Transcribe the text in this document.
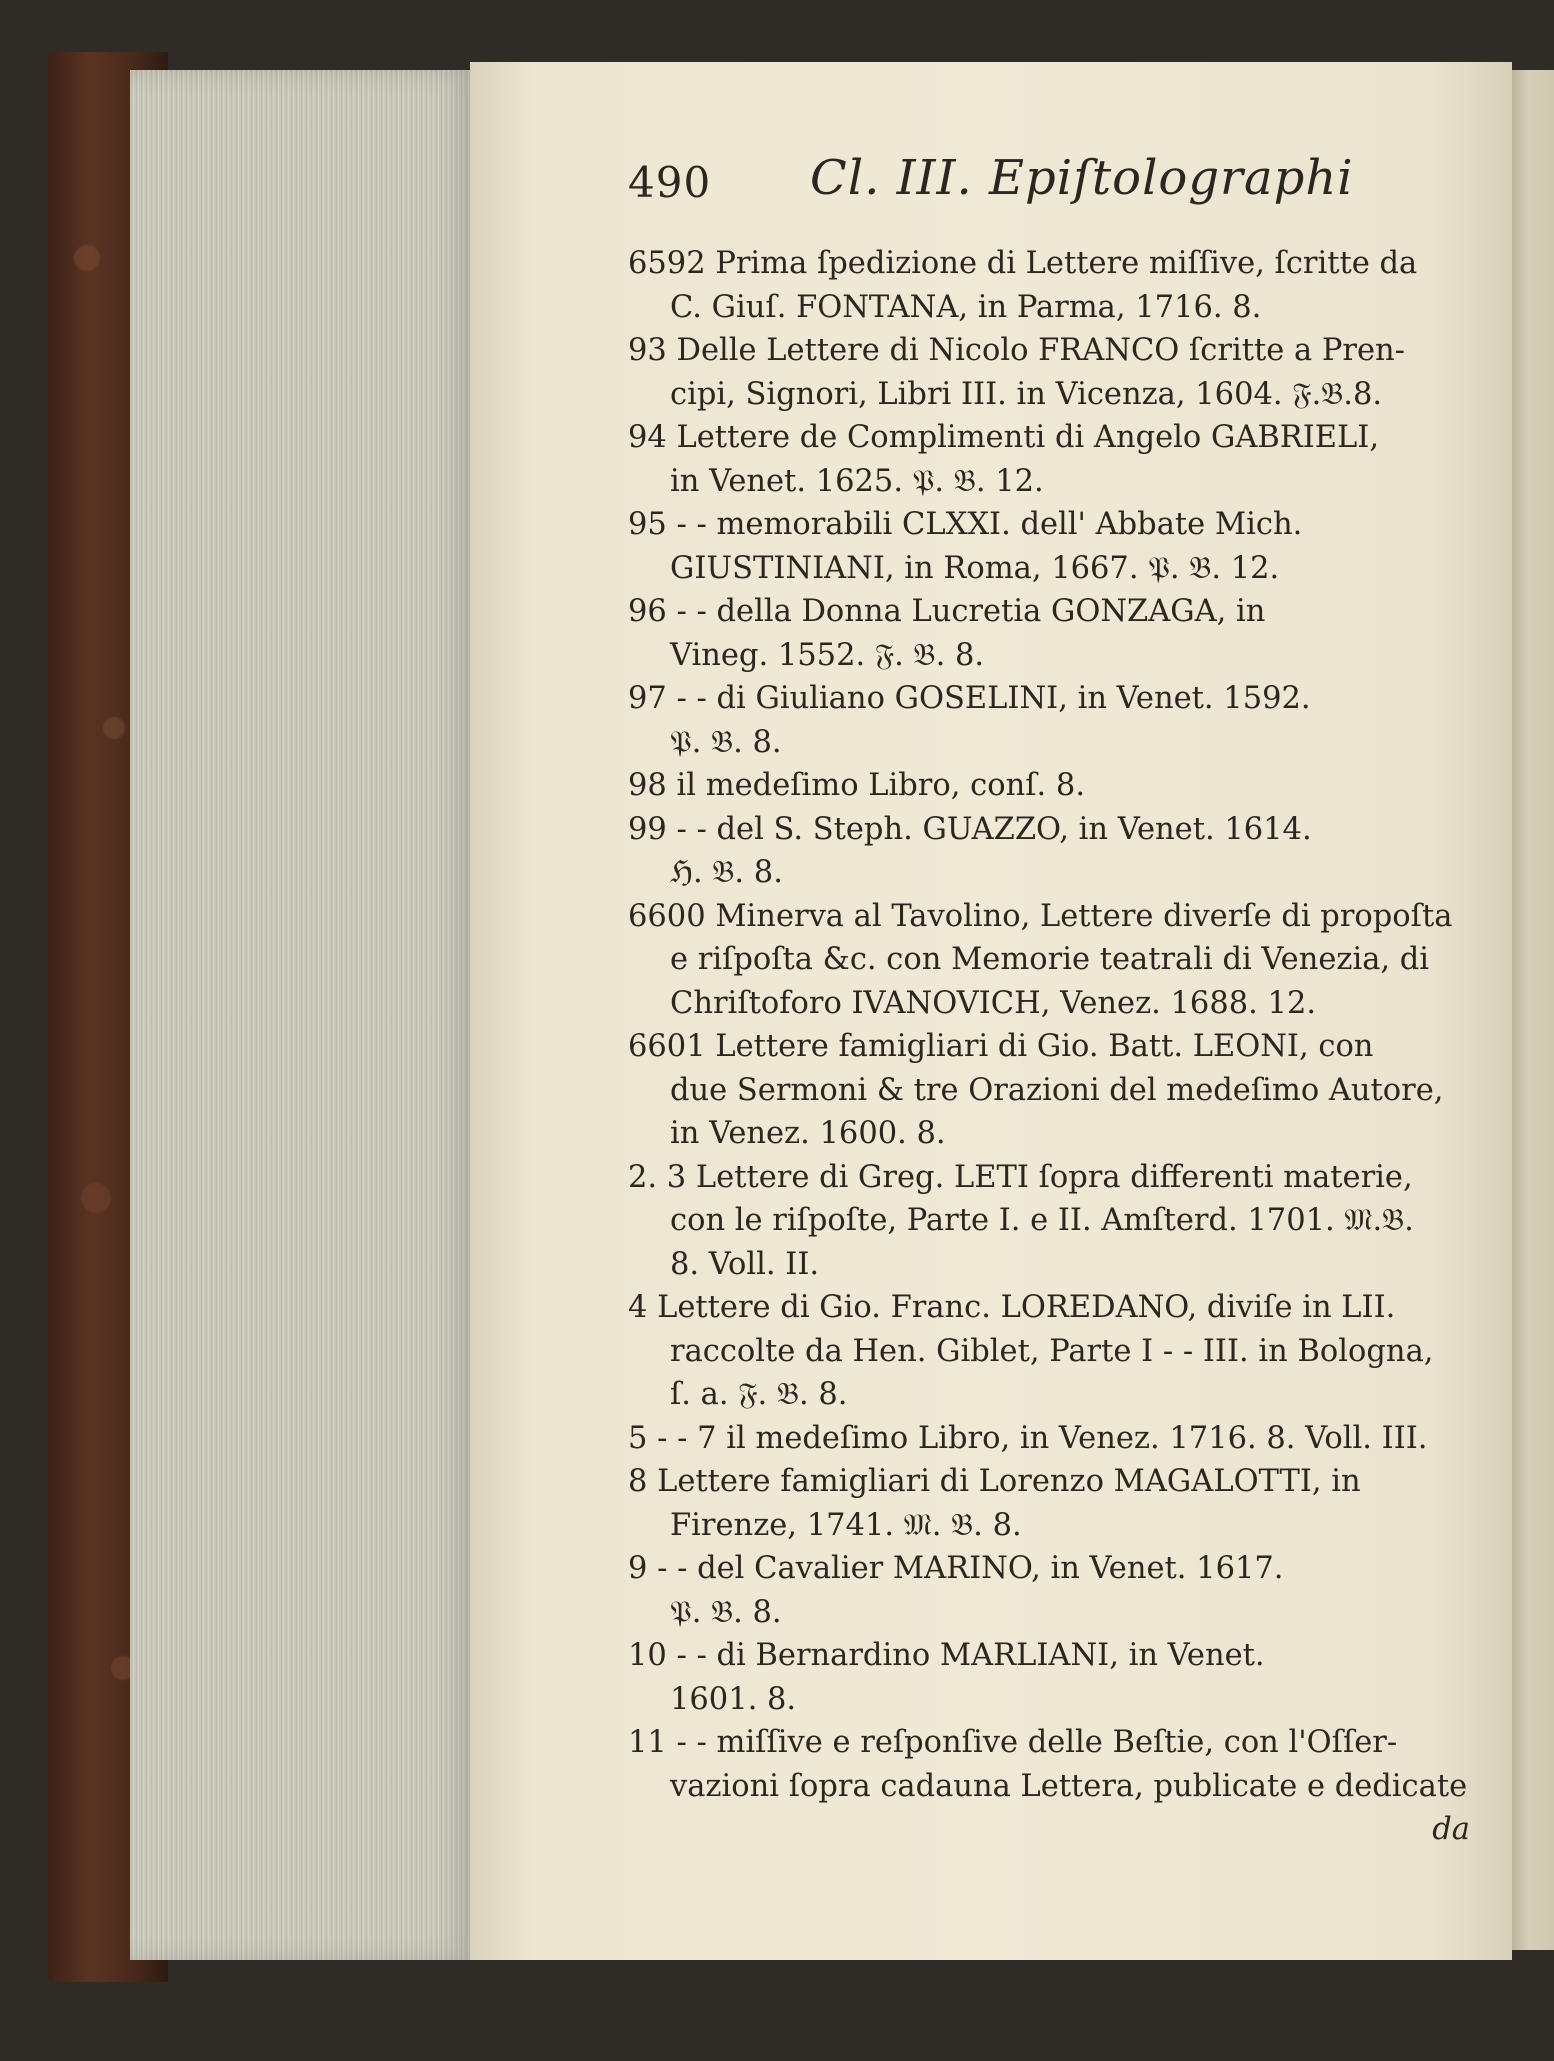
490 Cl. III. Epiſtolographi
6592 Prima ſpedizione di Lettere miſſive, ſcritte da
C. Giuſ. FONTANA, in Parma, 1716. 8.
93 Delle Lettere di Nicolo FRANCO ſcritte a Pren-
cipi, Signori, Libri III. in Vicenza, 1604. 𝔉.𝔅.8.
94 Lettere de Complimenti di Angelo GABRIELI,
in Venet. 1625. 𝔓. 𝔅. 12.
95 - - memorabili CLXXI. dell' Abbate Mich.
GIUSTINIANI, in Roma, 1667. 𝔓. 𝔅. 12.
96 - - della Donna Lucretia GONZAGA, in
Vineg. 1552. 𝔉. 𝔅. 8.
97 - - di Giuliano GOSELINI, in Venet. 1592.
𝔓. 𝔅. 8.
98 il medeſimo Libro, conſ. 8.
99 - - del S. Steph. GUAZZO, in Venet. 1614.
ℌ. 𝔅. 8.
6600 Minerva al Tavolino, Lettere diverſe di propoſta
e riſpoſta &c. con Memorie teatrali di Venezia, di
Chriſtoforo IVANOVICH, Venez. 1688. 12.
6601 Lettere famigliari di Gio. Batt. LEONI, con
due Sermoni & tre Orazioni del medeſimo Autore,
in Venez. 1600. 8.
2. 3 Lettere di Greg. LETI ſopra differenti materie,
con le riſpoſte, Parte I. e II. Amſterd. 1701. 𝔐.𝔅.
8. Voll. II.
4 Lettere di Gio. Franc. LOREDANO, diviſe in LII.
raccolte da Hen. Giblet, Parte I - - III. in Bologna,
ſ. a. 𝔉. 𝔅. 8.
5 - - 7 il medeſimo Libro, in Venez. 1716. 8. Voll. III.
8 Lettere famigliari di Lorenzo MAGALOTTI, in
Firenze, 1741. 𝔐. 𝔅. 8.
9 - - del Cavalier MARINO, in Venet. 1617.
𝔓. 𝔅. 8.
10 - - di Bernardino MARLIANI, in Venet.
1601. 8.
11 - - miſſive e reſponſive delle Beſtie, con l'Oſſer-
vazioni ſopra cadauna Lettera, publicate e dedicate
da
